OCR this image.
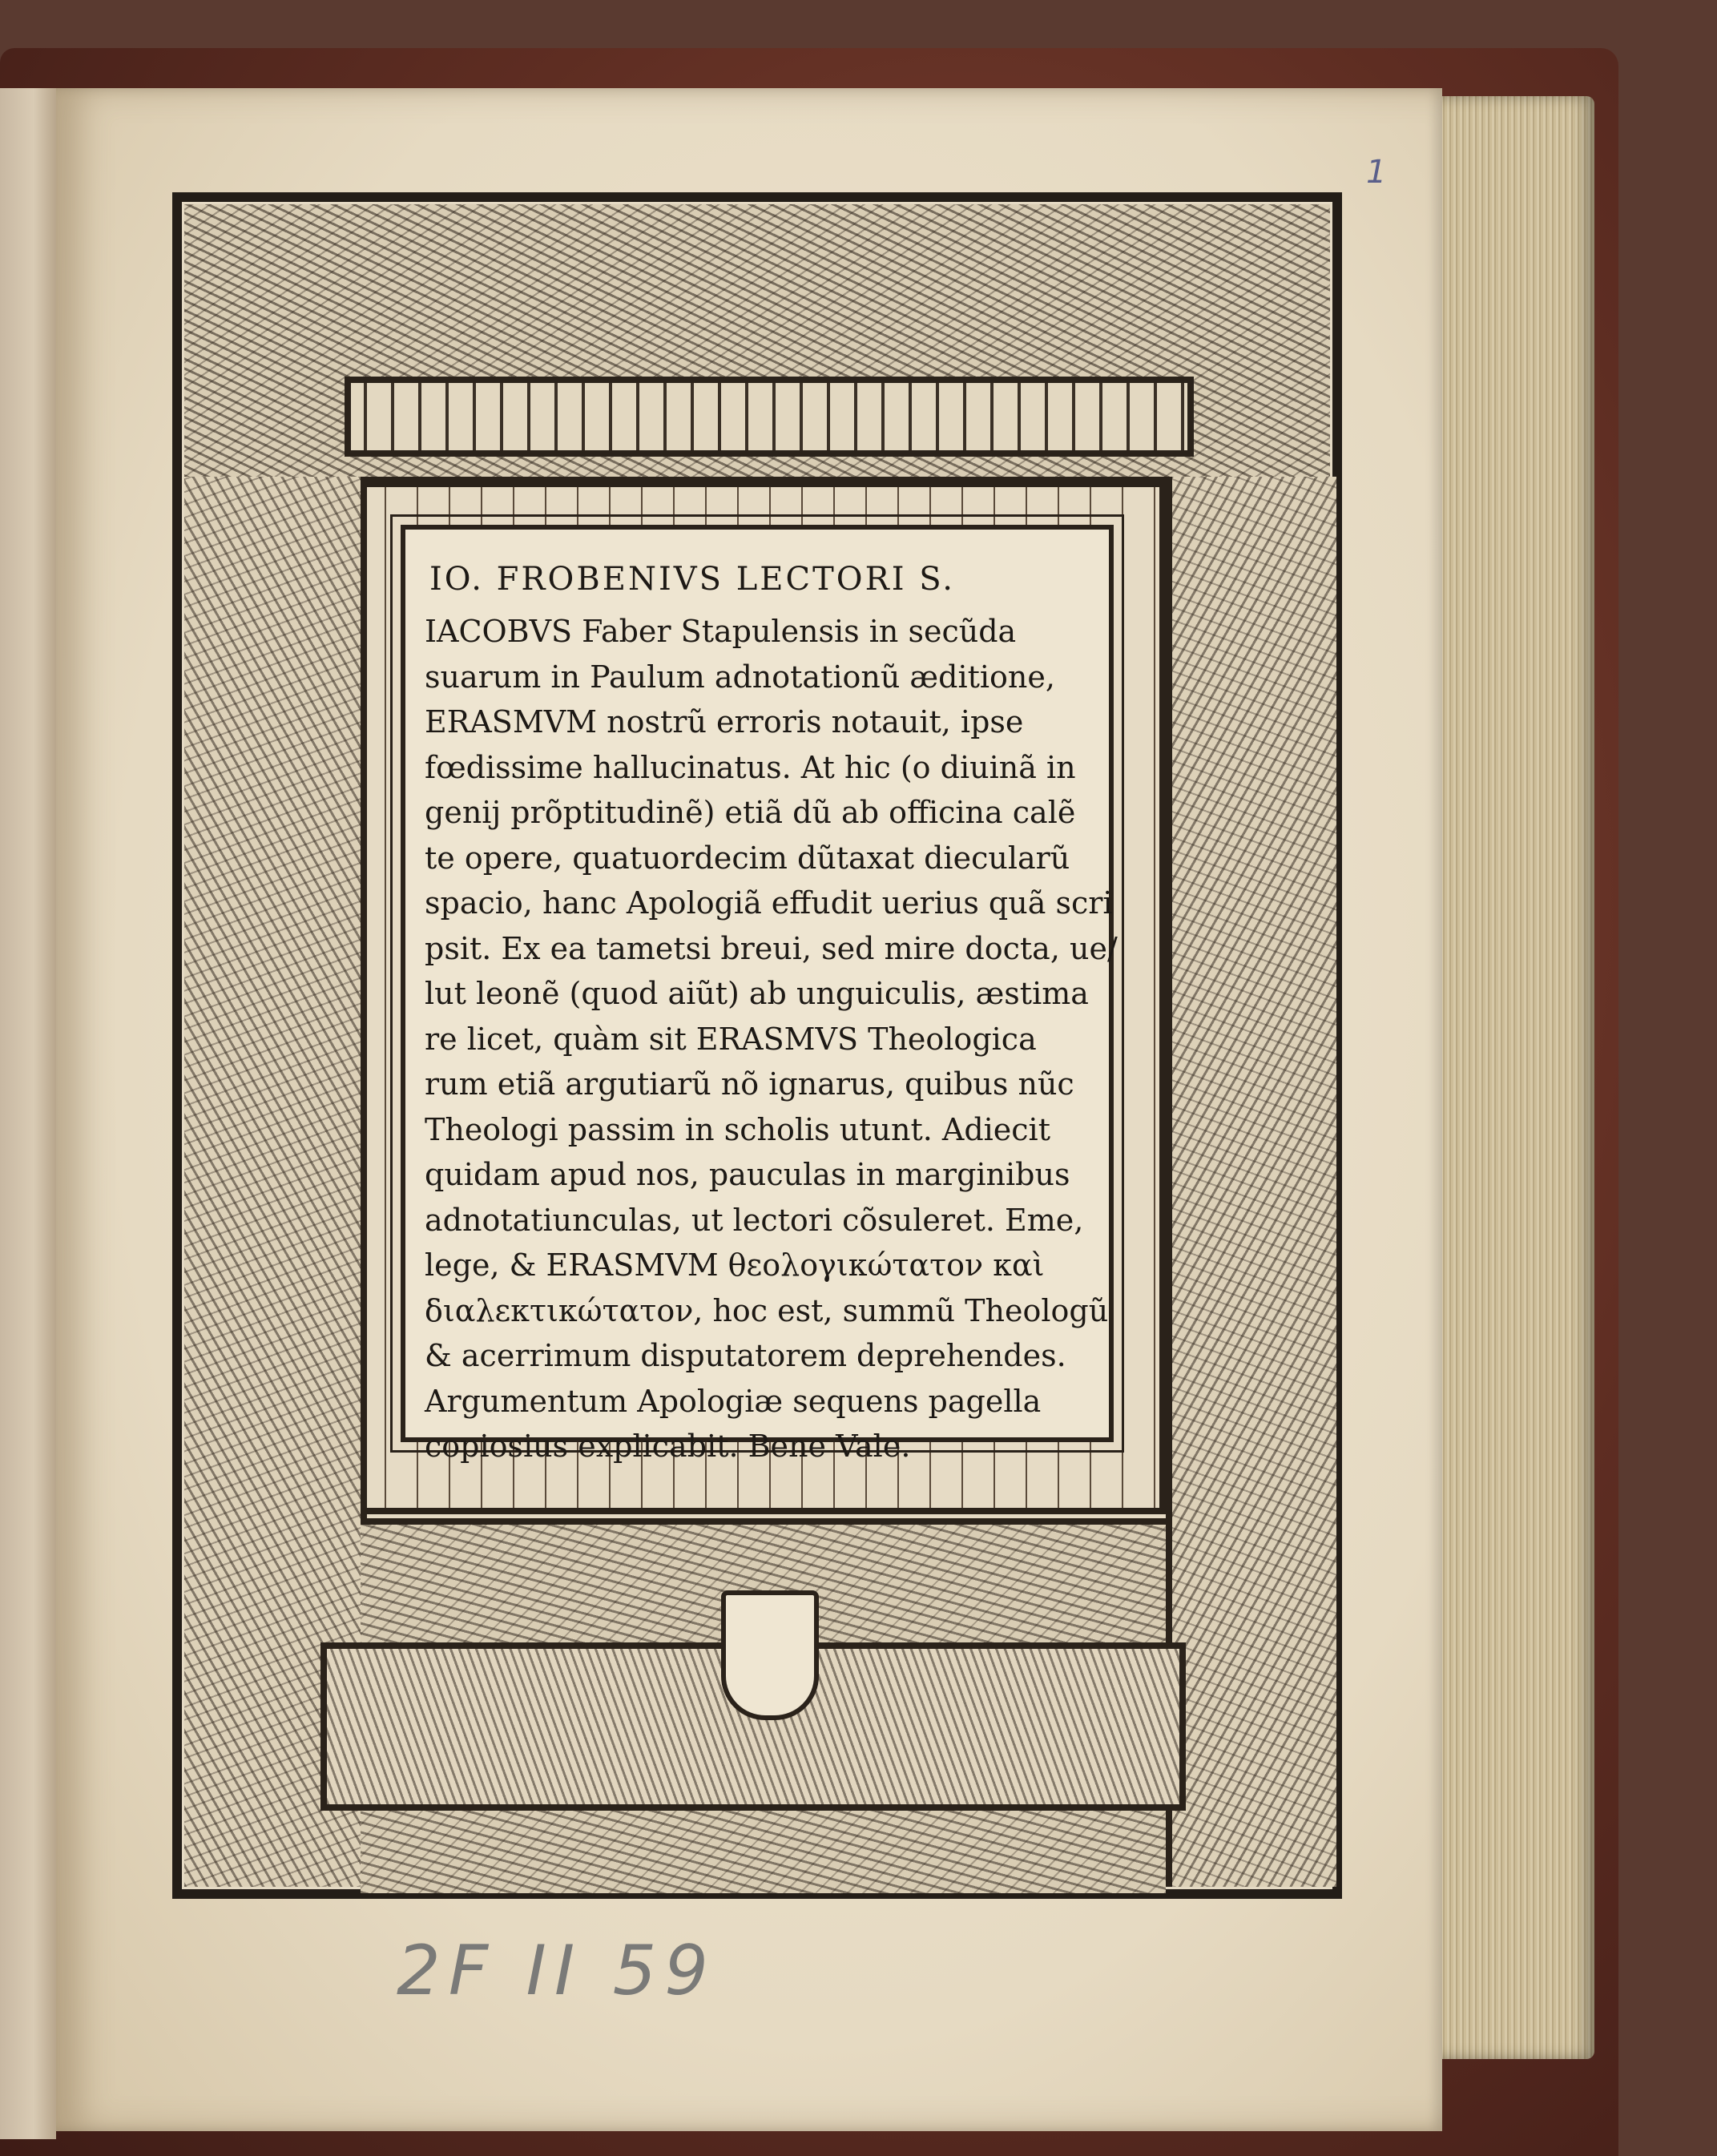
1

IO. FROBENIVS LECTORI S.

IACOBVS Faber Stapulensis in secũda

suarum in Paulum adnotationũ æditione,

ERASMVM nostrũ erroris notauit, ipse

fœdissime hallucinatus. At hic (o diuinã in

genij prõptitudinẽ) etiã dũ ab officina calẽ

te opere, quatuordecim dũtaxat diecularũ

spacio, hanc Apologiã effudit uerius quã scri

psit. Ex ea tametsi breui, sed mire docta, ue/

lut leonẽ (quod aiũt) ab unguiculis, æstima

re licet, quàm sit ERASMVS Theologica

rum etiã argutiarũ nõ ignarus, quibus nũc

Theologi passim in scholis utunt. Adiecit

quidam apud nos, pauculas in marginibus

adnotatiunculas, ut lectori cõsuleret. Eme,

lege, & ERASMVM θεολογικώτατον καὶ

διαλεκτικώτατον, hoc est, summũ Theologũ

& acerrimum disputatorem deprehendes.

Argumentum Apologiæ sequens pagella

copiosius explicabit. Bene Vale.

2F II 59
